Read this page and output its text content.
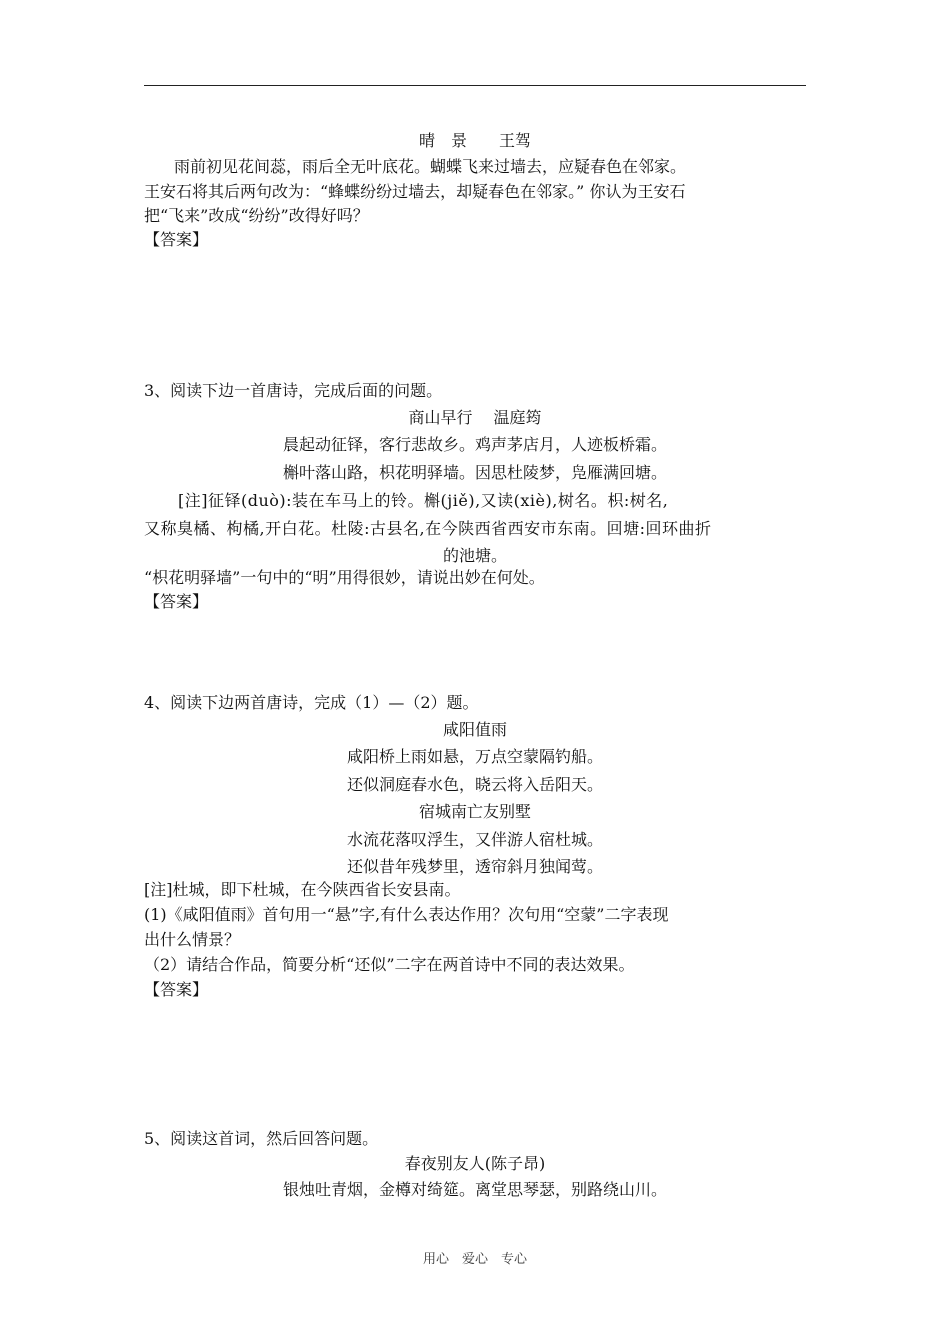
晴　景　　王驾
雨前初见花间蕊，雨后全无叶底花。蝴蝶飞来过墙去，应疑春色在邻家。
王安石将其后两句改为：“蜂蝶纷纷过墙去，却疑春色在邻家。” 你认为王安石
把“飞来”改成“纷纷”改得好吗？
【答案】
3、阅读下边一首唐诗，完成后面的问题。
商山早行　 温庭筠
晨起动征铎，客行悲故乡。鸡声茅店月，人迹板桥霜。
槲叶落山路，枳花明驿墙。因思杜陵梦，凫雁满回塘。
[注]征铎(duò):装在车马上的铃。槲(jiě),又读(xiè),树名。枳:树名,
又称臭橘、枸橘,开白花。杜陵:古县名,在今陕西省西安市东南。回塘:回环曲折
的池塘。
“枳花明驿墙”一句中的“明”用得很妙，请说出妙在何处。
【答案】
4、阅读下边两首唐诗，完成（1）—（2）题。
咸阳值雨
咸阳桥上雨如悬，万点空蒙隔钓船。
还似洞庭春水色，晓云将入岳阳天。
宿城南亡友别墅
水流花落叹浮生，又伴游人宿杜城。
还似昔年残梦里，透帘斜月独闻莺。
[注]杜城，即下杜城，在今陕西省长安县南。
(1)《咸阳值雨》首句用一“悬”字,有什么表达作用？次句用“空蒙”二字表现
出什么情景？
（2）请结合作品，简要分析“还似”二字在两首诗中不同的表达效果。
【答案】
5、阅读这首词，然后回答问题。
春夜别友人(陈子昂)
银烛吐青烟，金樽对绮筵。离堂思琴瑟，别路绕山川。
用心　爱心　专心
